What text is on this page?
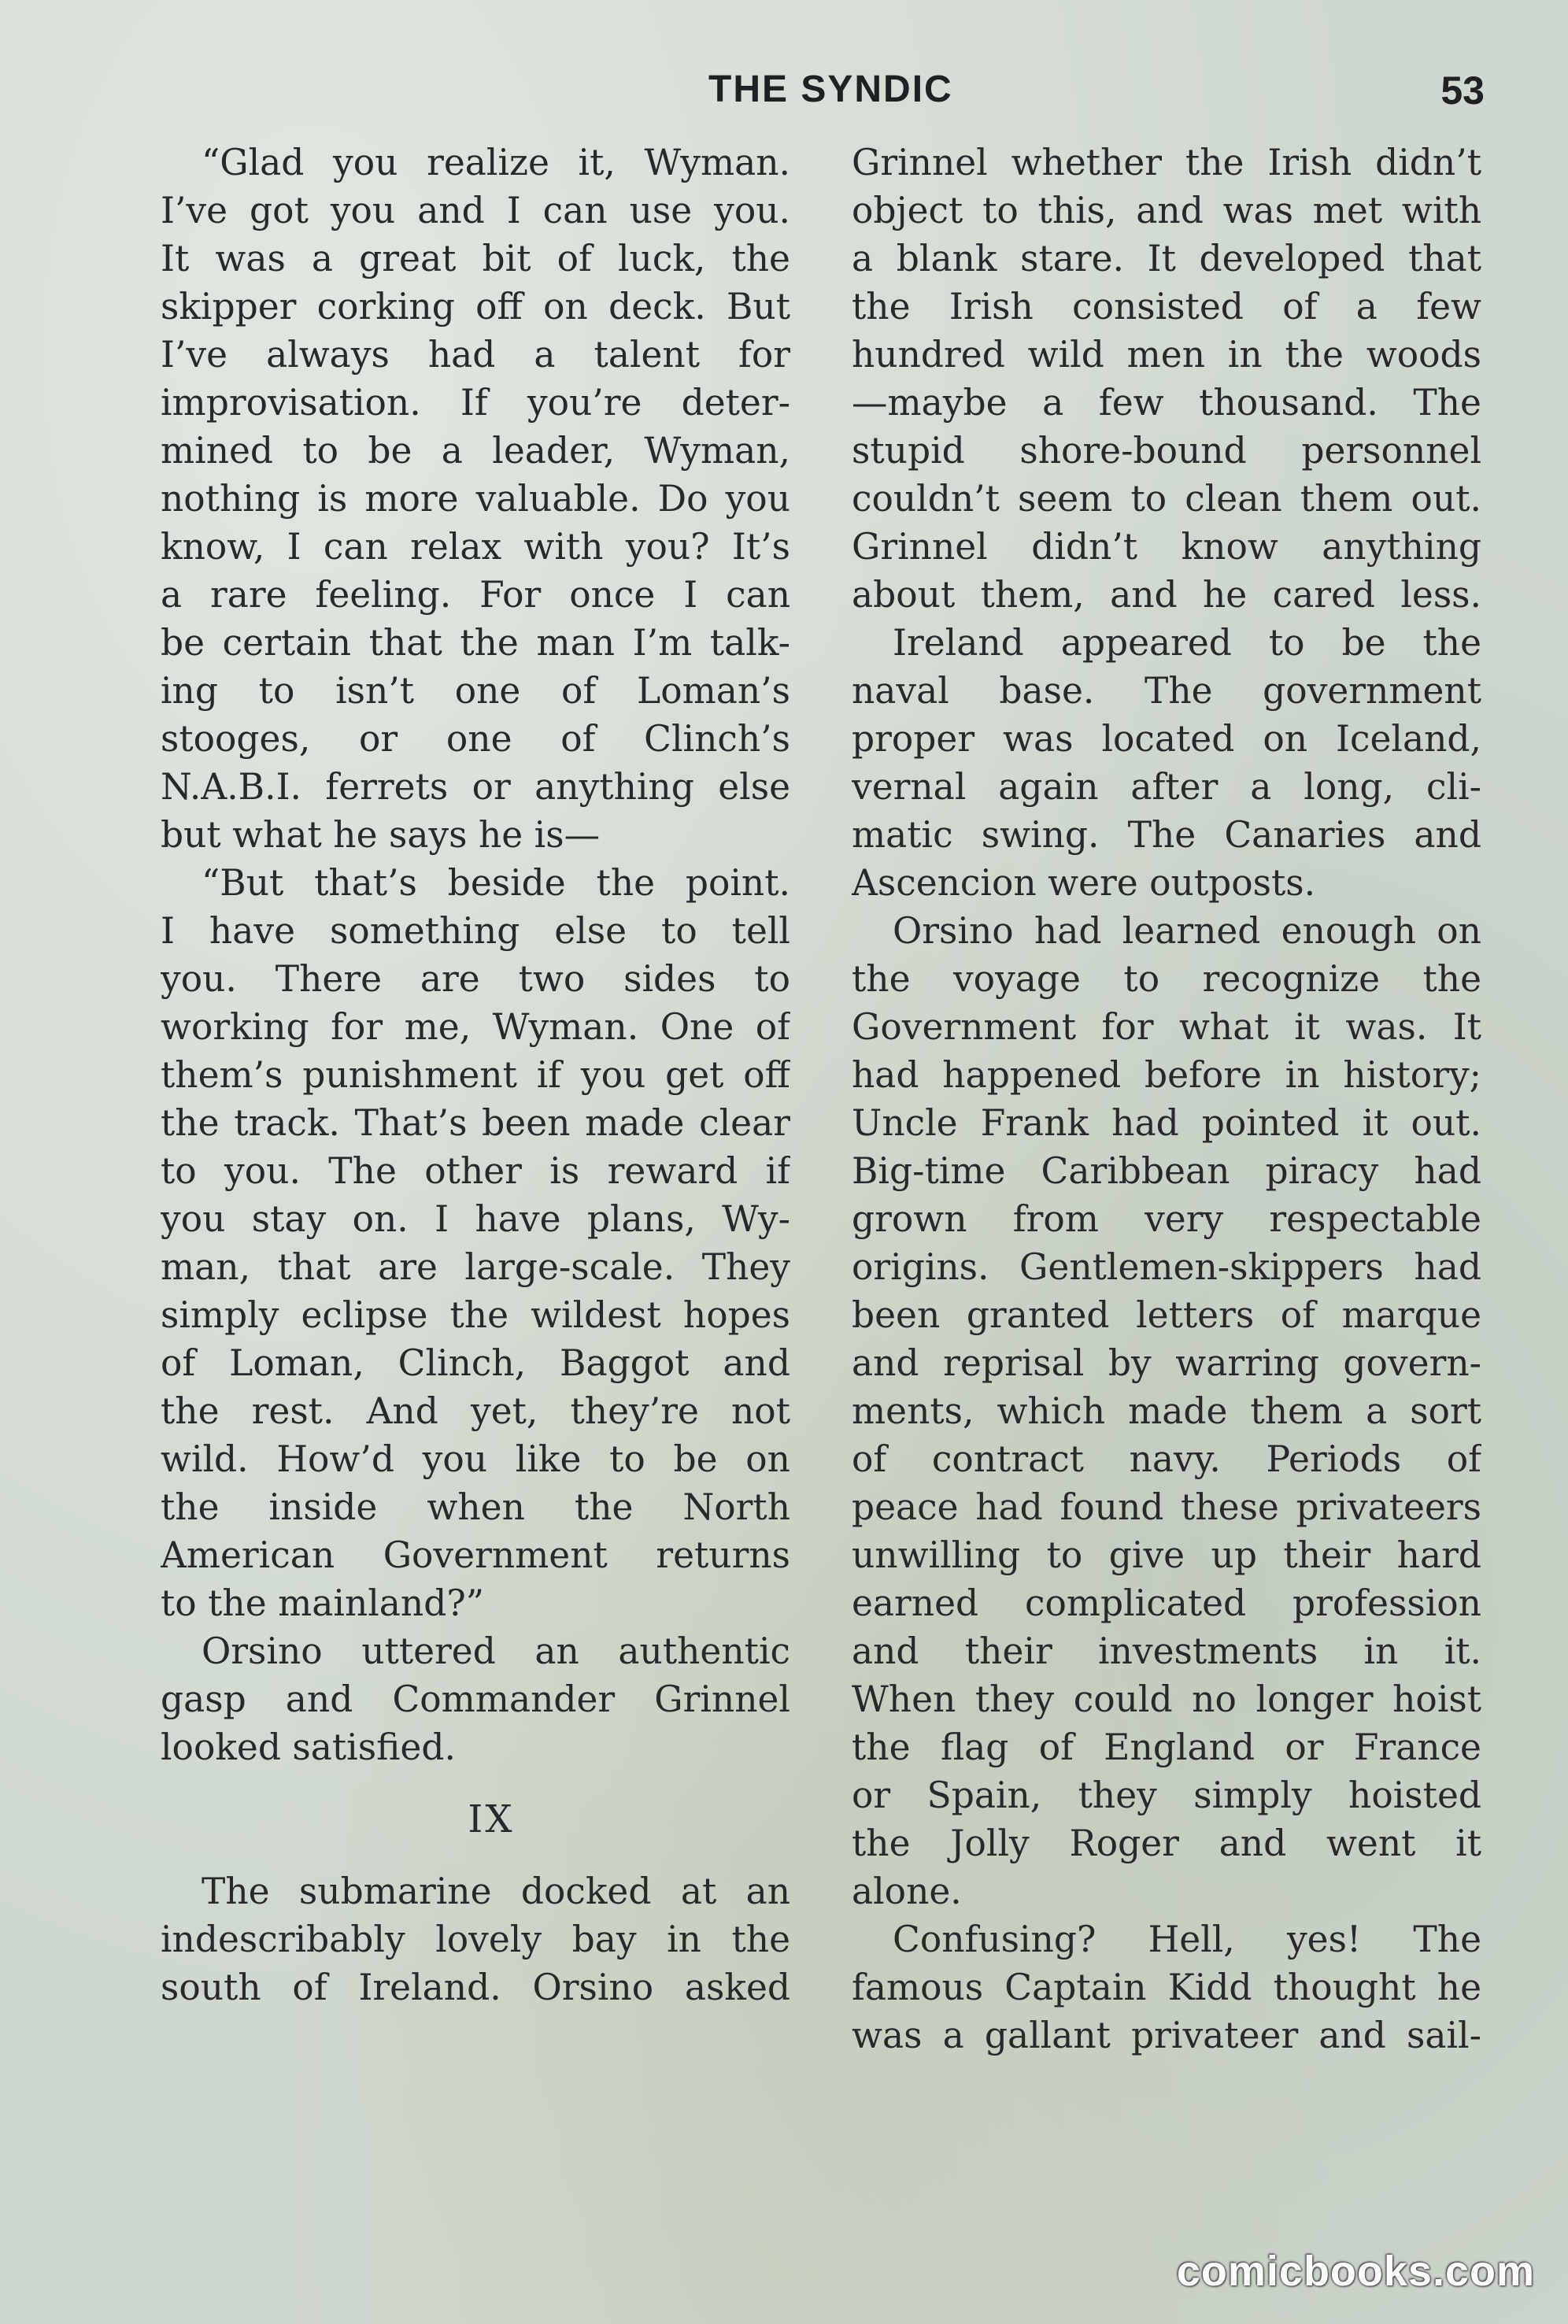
THE SYNDIC	53
“Glad you realize it, Wyman.
I’ve got you and I can use you.
It was a great bit of luck, the
skipper corking off on deck. But
I’ve always had a talent for
improvisation. If you’re deter-
mined to be a leader, Wyman,
nothing is more valuable. Do you
know, I can relax with you? It’s
a rare feeling. For once I can
be certain that the man I’m talk-
ing to isn’t one of Loman’s
stooges, or one of Clinch’s
N.A.B.I. ferrets or anything else
but what he says he is—
“But that’s beside the point.
I have something else to tell
you. There are two sides to
working for me, Wyman. One of
them’s punishment if you get off
the track. That’s been made clear
to you. The other is reward if
you stay on. I have plans, Wy-
man, that are large-scale. They
simply eclipse the wildest hopes
of Loman, Clinch, Baggot and
the rest. And yet, they’re not
wild. How’d you like to be on
the inside when the North
American Government returns
to the mainland?”
Orsino uttered an authentic
gasp and Commander Grinnel
looked satisfied.
IX
The submarine docked at an
indescribably lovely bay in the
south of Ireland. Orsino asked
Grinnel whether the Irish didn’t
object to this, and was met with
a blank stare. It developed that
the Irish consisted of a few
hundred wild men in the woods
—maybe a few thousand. The
stupid shore-bound personnel
couldn’t seem to clean them out.
Grinnel didn’t know anything
about them, and he cared less.
Ireland appeared to be the
naval base. The government
proper was located on Iceland,
vernal again after a long, cli-
matic swing. The Canaries and
Ascencion were outposts.
Orsino had learned enough on
the voyage to recognize the
Government for what it was. It
had happened before in history;
Uncle Frank had pointed it out.
Big-time Caribbean piracy had
grown from very respectable
origins. Gentlemen-skippers had
been granted letters of marque
and reprisal by warring govern-
ments, which made them a sort
of contract navy. Periods of
peace had found these privateers
unwilling to give up their hard
earned complicated profession
and their investments in it.
When they could no longer hoist
the flag of England or France
or Spain, they simply hoisted
the Jolly Roger and went it
alone.
Confusing? Hell, yes! The
famous Captain Kidd thought he
was a gallant privateer and sail-
comicbooks.com
